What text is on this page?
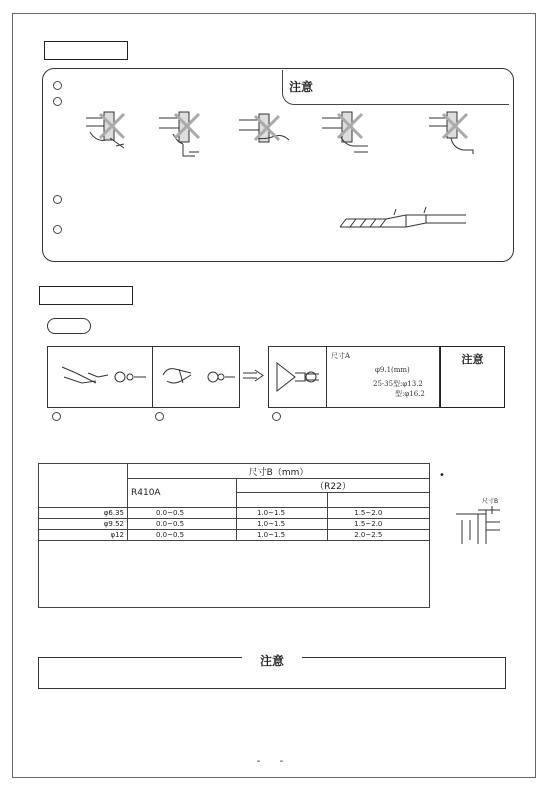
注意
尺寸A
φ9.1(mm)
25·35型:φ13.2
型:φ16.2
注意
	尺寸B（mm）		
	R410A	（R22）	

φ6.35	0.0~0.5	1.0~1.5	1.5~2.0
φ9.52	0.0~0.5	1.0~1.5	1.5~2.0
φ12	0.0~0.5	1.0~1.5	2.0~2.5

•
尺寸B
注意
- -
